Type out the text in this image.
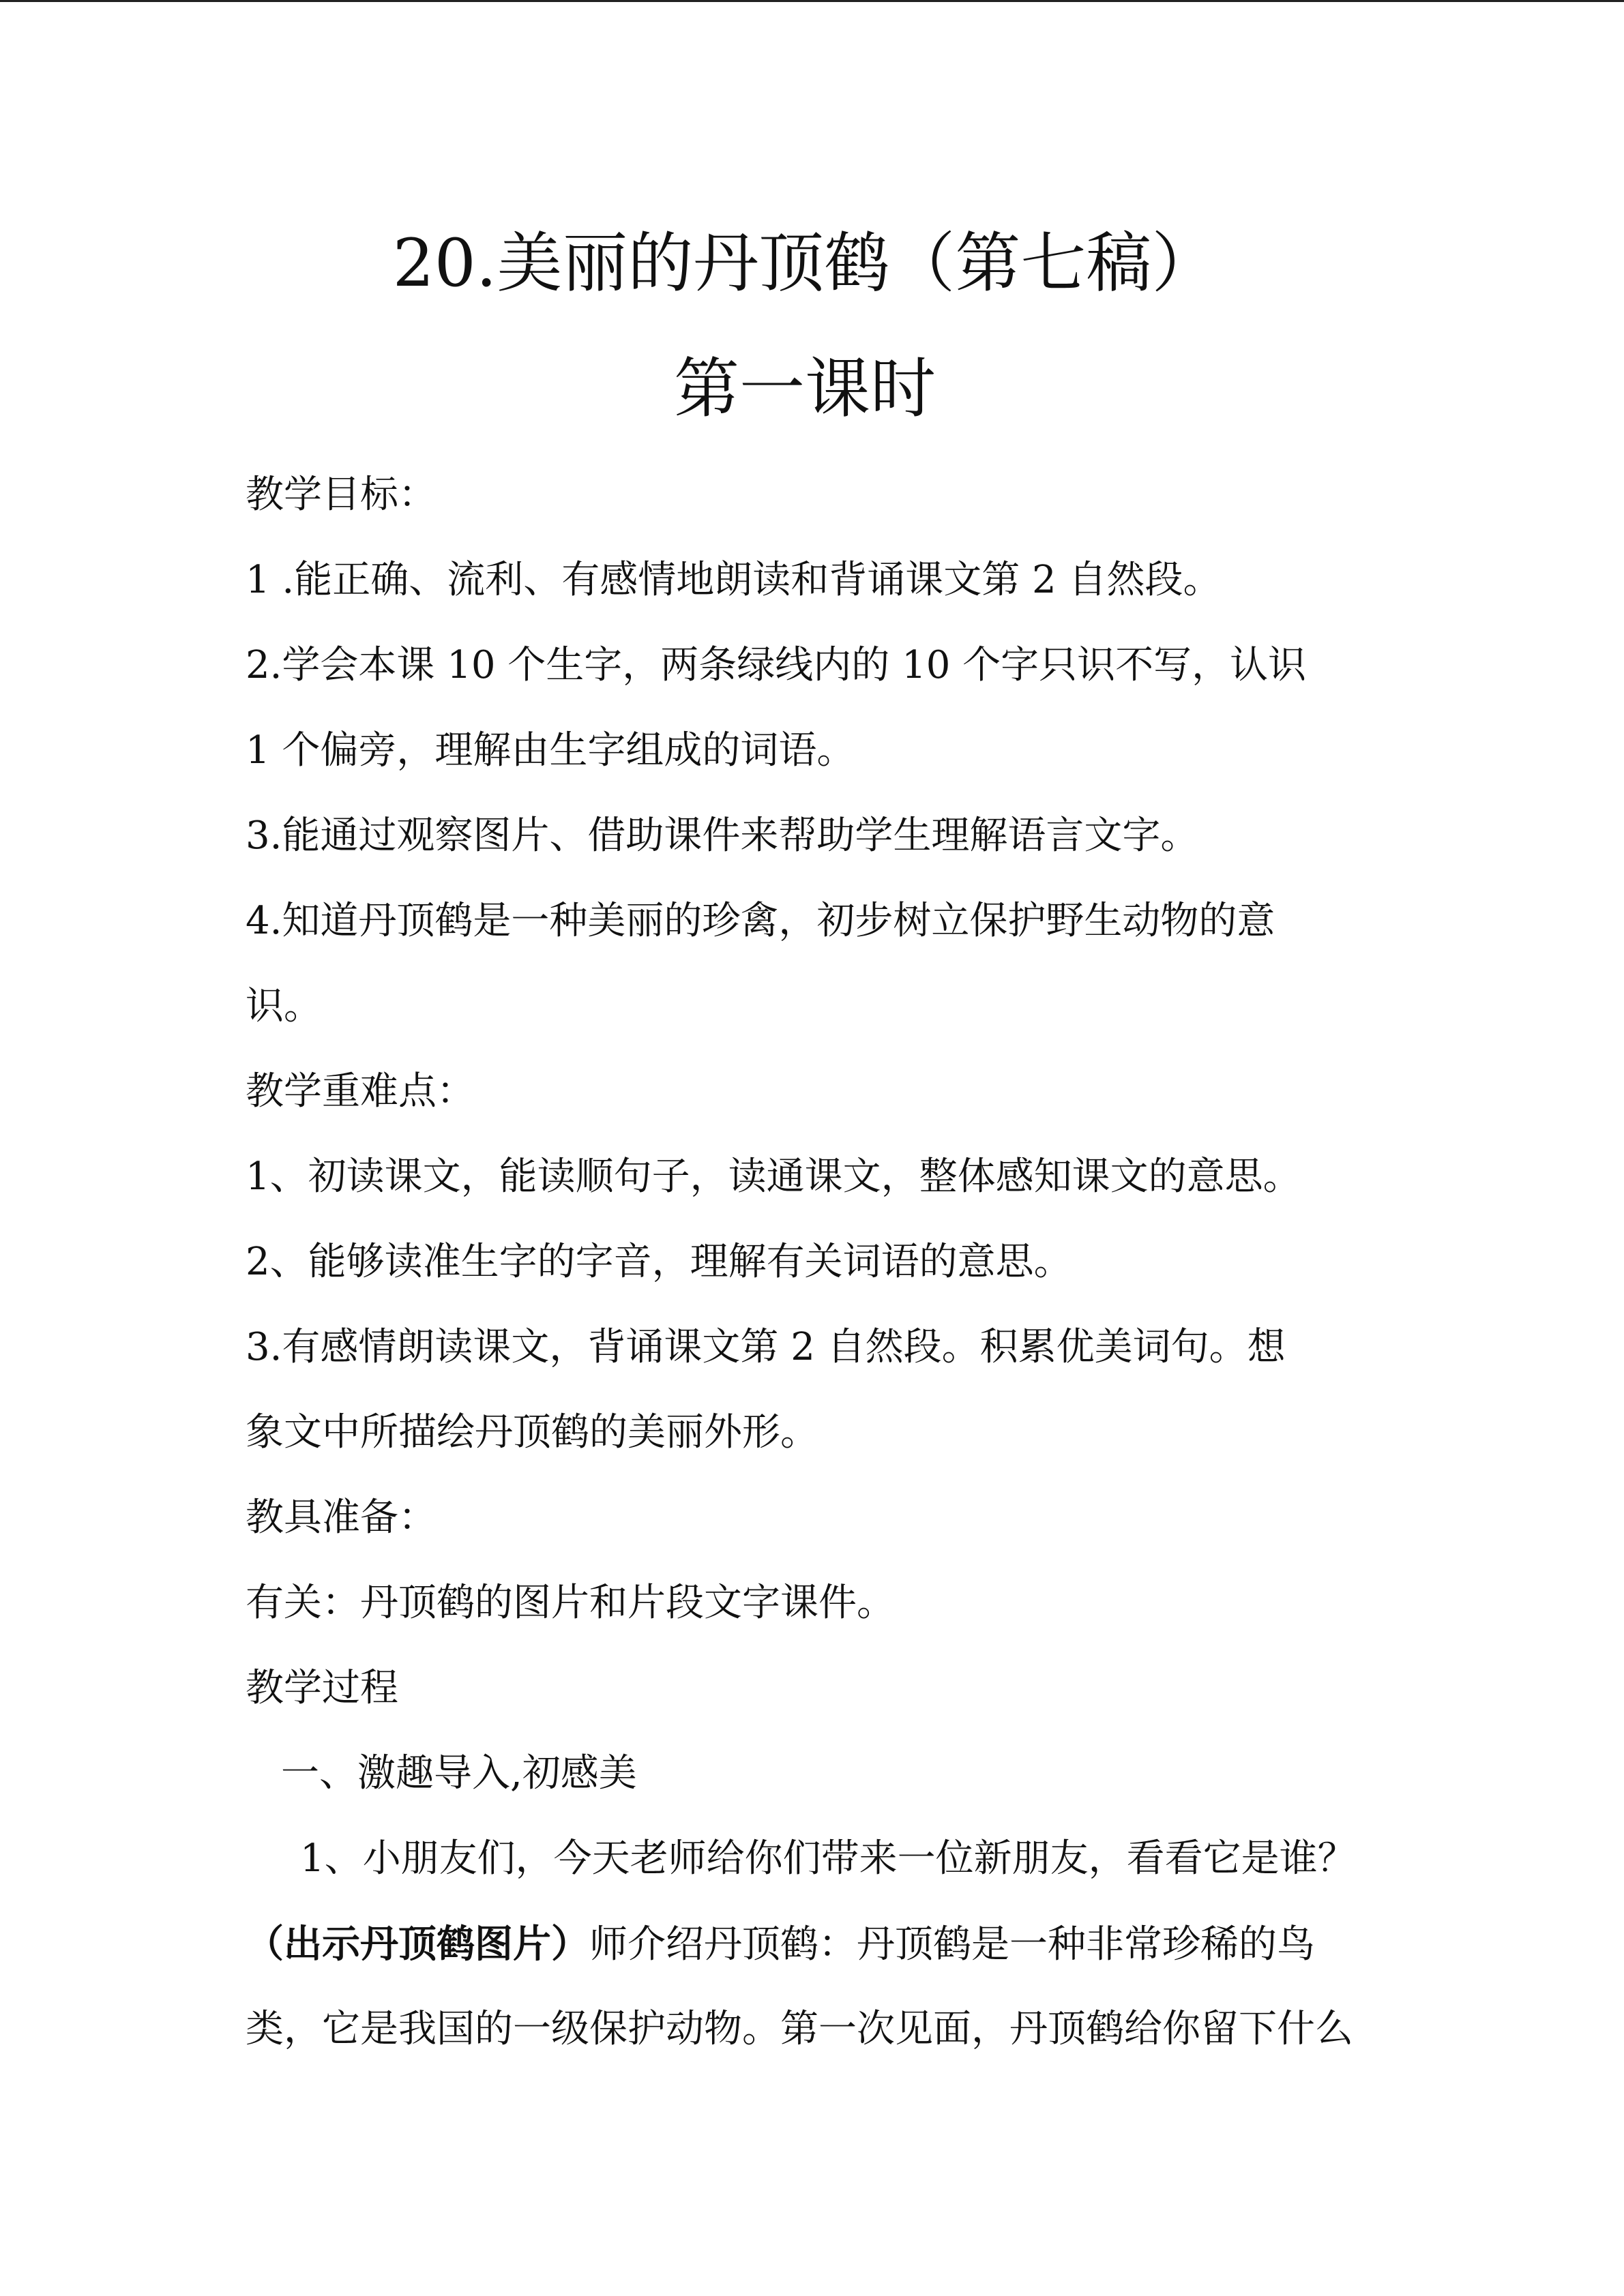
20.美丽的丹顶鹤（第七稿）
第一课时
教学目标：
1 .能正确、流利、有感情地朗读和背诵课文第 2 自然段。
2.学会本课 10 个生字，两条绿线内的 10 个字只识不写，认识
1 个偏旁，理解由生字组成的词语。
3.能通过观察图片、借助课件来帮助学生理解语言文字。
4.知道丹顶鹤是一种美丽的珍禽，初步树立保护野生动物的意
识。
教学重难点：
1、初读课文，能读顺句子，读通课文，整体感知课文的意思。
2、能够读准生字的字音，理解有关词语的意思。
3.有感情朗读课文，背诵课文第 2 自然段。积累优美词句。想
象文中所描绘丹顶鹤的美丽外形。
教具准备：
有关：丹顶鹤的图片和片段文字课件。
教学过程
一、激趣导入,初感美
1、小朋友们，今天老师给你们带来一位新朋友，看看它是谁？
（出示丹顶鹤图片）师介绍丹顶鹤：丹顶鹤是一种非常珍稀的鸟
类，它是我国的一级保护动物。第一次见面，丹顶鹤给你留下什么
